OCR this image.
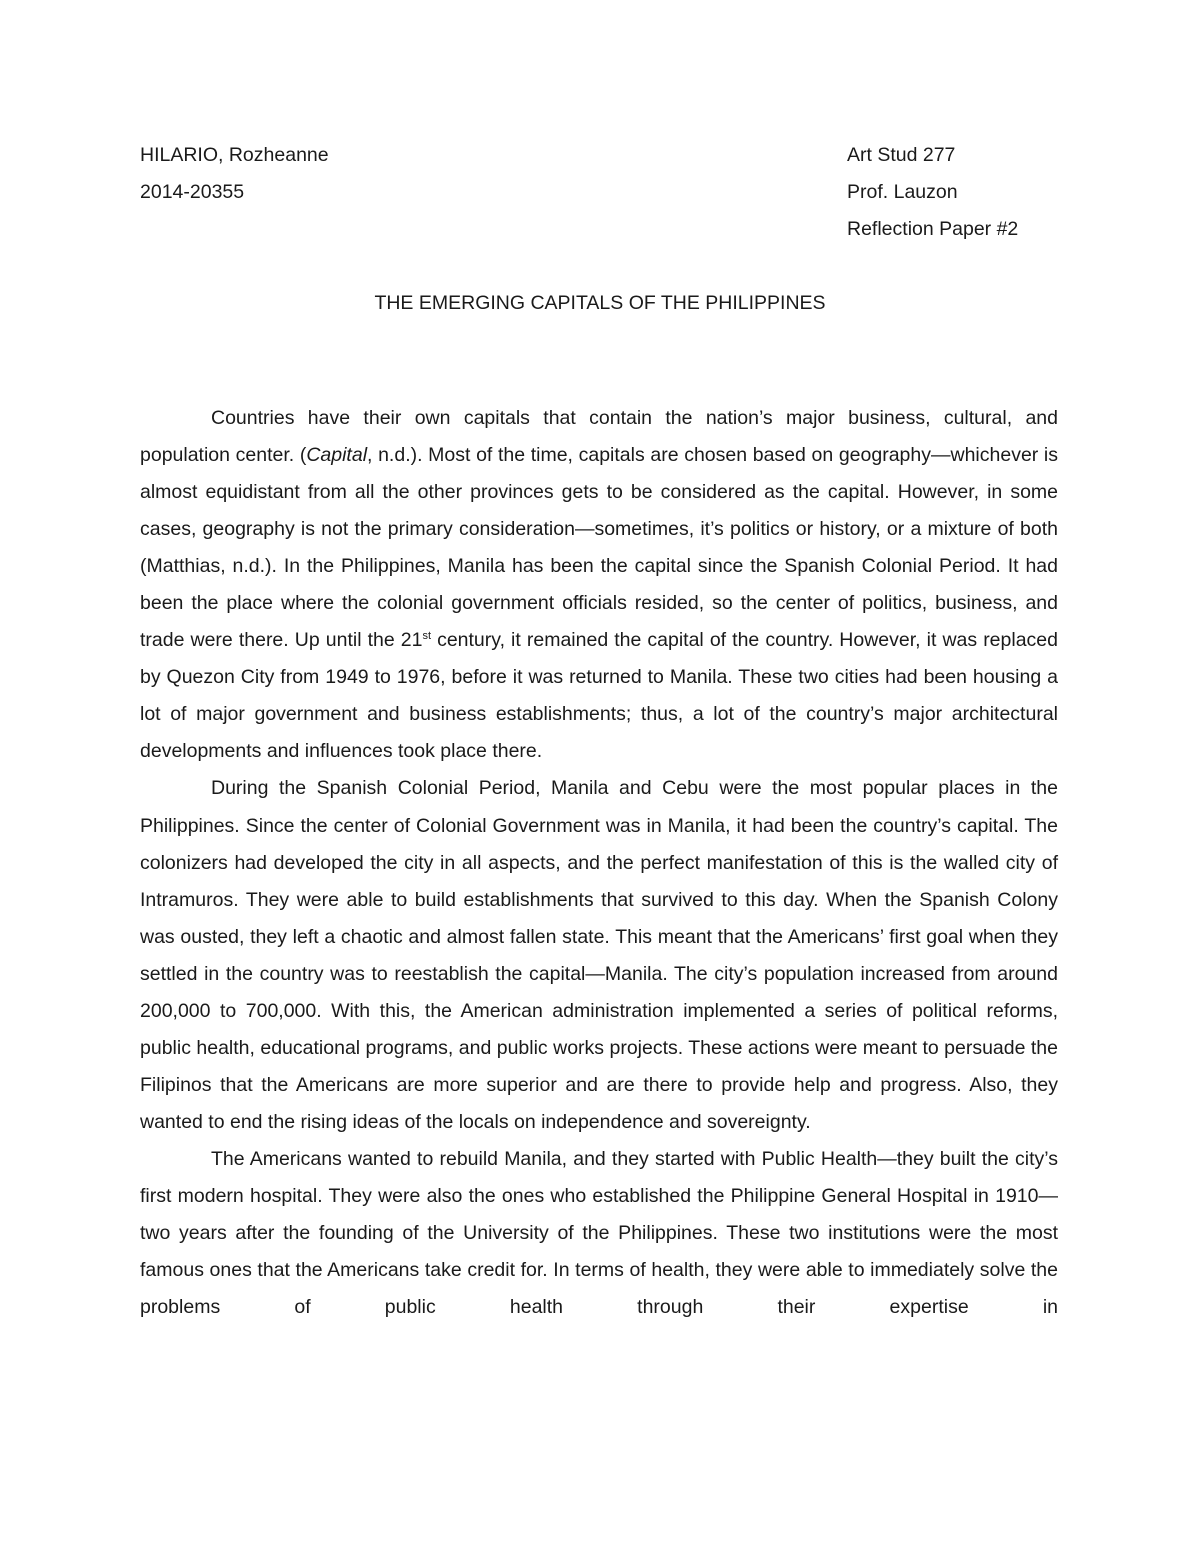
HILARIO, Rozheanne
2014-20355
Art Stud 277
Prof. Lauzon
Reflection Paper #2
THE EMERGING CAPITALS OF THE PHILIPPINES

Countries have their own capitals that contain the nation’s major business, cultural, and population center. (Capital, n.d.). Most of the time, capitals are chosen based on geography—whichever is almost equidistant from all the other provinces gets to be considered as the capital. However, in some cases, geography is not the primary consideration—sometimes, it’s politics or history, or a mixture of both (Matthias, n.d.). In the Philippines, Manila has been the capital since the Spanish Colonial Period. It had been the place where the colonial government officials resided, so the center of politics, business, and trade were there. Up until the 21st century, it remained the capital of the country. However, it was replaced by Quezon City from 1949 to 1976, before it was returned to Manila. These two cities had been housing a lot of major government and business establishments; thus, a lot of the country’s major architectural developments and influences took place there.

During the Spanish Colonial Period, Manila and Cebu were the most popular places in the Philippines. Since the center of Colonial Government was in Manila, it had been the country’s capital. The colonizers had developed the city in all aspects, and the perfect manifestation of this is the walled city of Intramuros. They were able to build establishments that survived to this day. When the Spanish Colony was ousted, they left a chaotic and almost fallen state. This meant that the Americans’ first goal when they settled in the country was to reestablish the capital—Manila. The city’s population increased from around 200,000 to 700,000. With this, the American administration implemented a series of political reforms, public health, educational programs, and public works projects. These actions were meant to persuade the Filipinos that the Americans are more superior and are there to provide help and progress. Also, they wanted to end the rising ideas of the locals on independence and sovereignty.

The Americans wanted to rebuild Manila, and they started with Public Health—they built the city’s first modern hospital. They were also the ones who established the Philippine General Hospital in 1910—two years after the founding of the University of the Philippines. These two institutions were the most famous ones that the Americans take credit for. In terms of health, they were able to immediately solve the problems of public health through their expertise in
